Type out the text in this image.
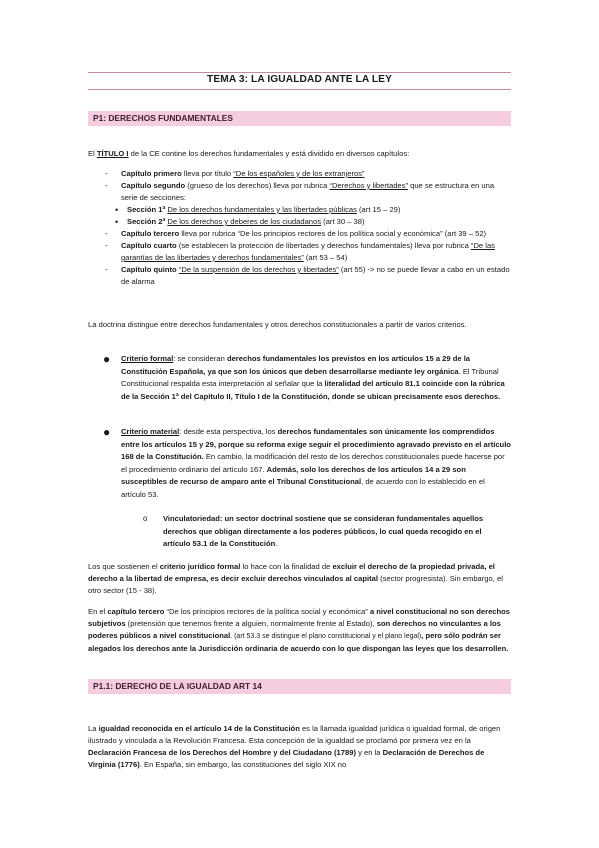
TEMA 3: LA IGUALDAD ANTE LA LEY
P1: DERECHOS FUNDAMENTALES

El TÍTULO I de la CE contine los derechos fundamentales y está dividido en diversos capítulos:

- Capítulo primero lleva por título “De los españoles y de los extranjeros”
- Capítulo segundo (grueso de los derechos) lleva por rubrica “Derechos y libertades” que se estructura en una serie de secciones:
• Sección 1ª De los derechos fundamentales y las libertades públicas (art 15 – 29)
• Sección 2ª De los derechos y deberes de los ciudadanos (art 30 – 38)
- Capítulo tercero lleva por rubrica “De los principios rectores de los política social y económica” (art 39 – 52)
- Capítulo cuarto (se establecen la protección de libertades y derechos fundamentales) lleva por rubrica “De las garantías de las libertades y derechos fundamentales” (art 53 – 54)
- Capítulo quinto “De la suspensión de los derechos y libertades” (art 55) -> no se puede llevar a cabo en un estado de alarma

La doctrina distingue entre derechos fundamentales y otros derechos constitucionales a partir de varios criterios.

● Criterio formal: se consideran derechos fundamentales los previstos en los artículos 15 a 29 de la Constitución Española, ya que son los únicos que deben desarrollarse mediante ley orgánica. El Tribunal Constitucional respalda esta interpretación al señalar que la literalidad del artículo 81.1 coincide con la rúbrica de la Sección 1ª del Capítulo II, Título I de la Constitución, donde se ubican precisamente esos derechos.
● Criterio material: desde esta perspectiva, los derechos fundamentales son únicamente los comprendidos entre los artículos 15 y 29, porque su reforma exige seguir el procedimiento agravado previsto en el artículo 168 de la Constitución. En cambio, la modificación del resto de los derechos constitucionales puede hacerse por el procedimiento ordinario del artículo 167. Además, solo los derechos de los artículos 14 a 29 son susceptibles de recurso de amparo ante el Tribunal Constitucional, de acuerdo con lo establecido en el artículo 53.
o Vinculatoriedad: un sector doctrinal sostiene que se consideran fundamentales aquellos derechos que obligan directamente a los poderes públicos, lo cual queda recogido en el artículo 53.1 de la Constitución.

Los que sostienen el criterio jurídico formal lo hace con la finalidad de excluir el derecho de la propiedad privada, el derecho a la libertad de empresa, es decir excluir derechos vinculados al capital (sector progresista). Sin embargo, el otro sector (15 - 38).

En el capítulo tercero “De los principios rectores de la política social y económica” a nivel constitucional no son derechos subjetivos (pretensión que tenemos frente a alguien, normalmente frente al Estado), son derechos no vinculantes a los poderes públicos a nivel constitucional. (art 53.3 se distingue el plano constitucional y el plano legal), pero sólo podrán ser alegados los derechos ante la Jurisdicción ordinaria de acuerdo con lo que dispongan las leyes que los desarrollen.

P1.1: DERECHO DE LA IGUALDAD ART 14

La igualdad reconocida en el artículo 14 de la Constitución es la llamada igualdad jurídica o igualdad formal, de origen ilustrado y vinculada a la Revolución Francesa. Esta concepción de la igualdad se proclamó por primera vez en la Declaración Francesa de los Derechos del Hombre y del Ciudadano (1789) y en la Declaración de Derechos de Virginia (1776). En España, sin embargo, las constituciones del siglo XIX no
